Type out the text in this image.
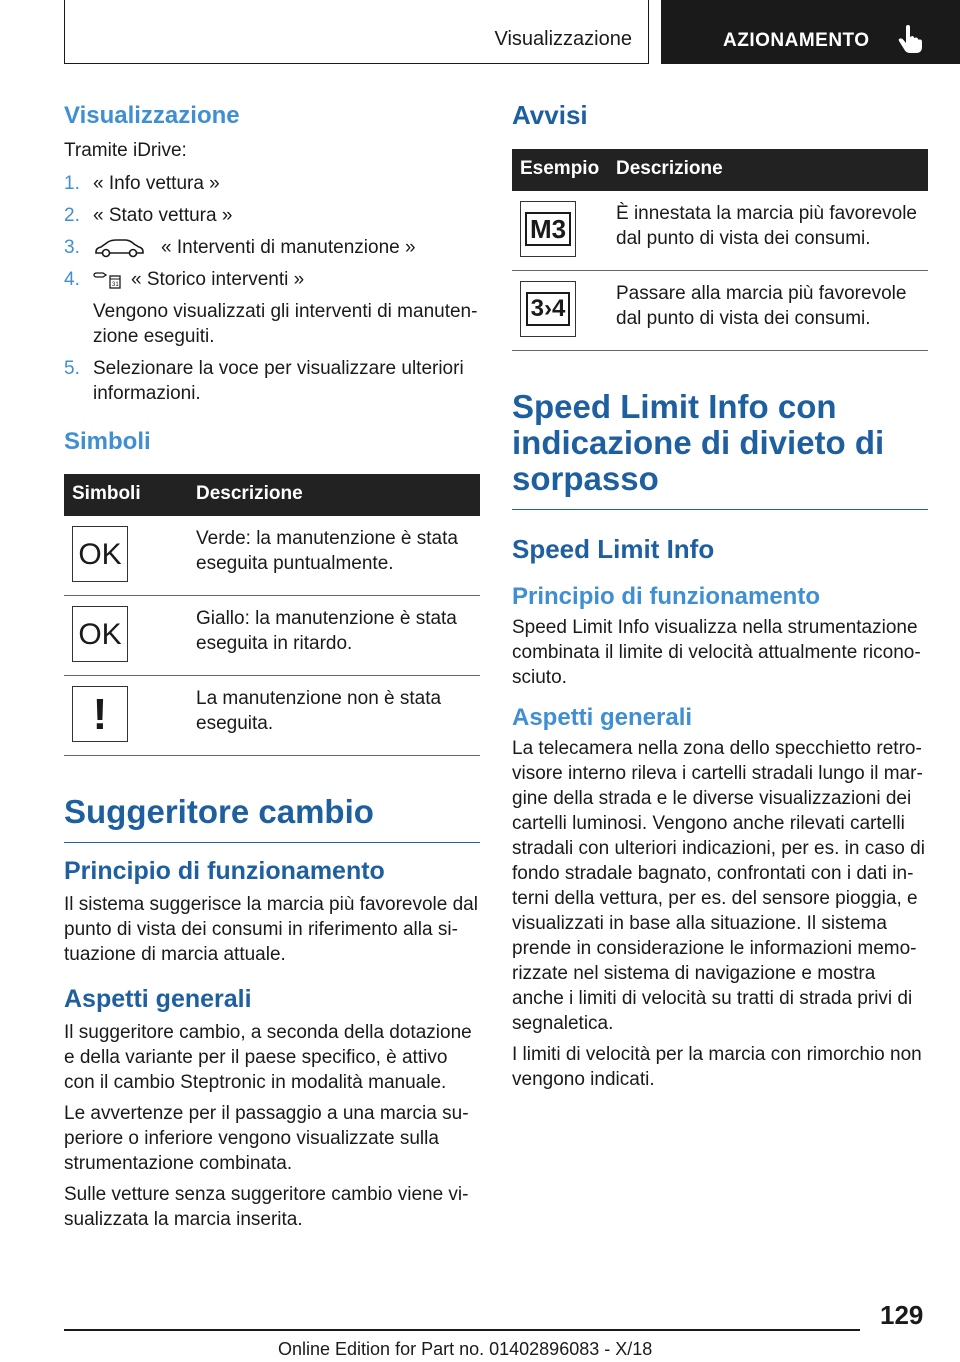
Visualizzazione	AZIONAMENTO
Visualizzazione

Tramite iDrive:

1. « Info vettura »
2. « Stato vettura »
3.	« Interventi di manutenzione »
4.	31 « Storico interventi »
Vengono visualizzati gli interventi di manutenzione eseguiti.
5. Selezionare la voce per visualizzare ulteriori informazioni.
Simboli
Simboli	Descrizione

OK	Verde: la manutenzione è stata eseguita puntualmente.

OK	Giallo: la manutenzione è stata eseguita in ritardo.

!	La manutenzione non è stata eseguita.
Suggeritore cambio
Principio di funzionamento

Il sistema suggerisce la marcia più favorevole dal punto di vista dei consumi in riferimento alla situazione di marcia attuale.

Aspetti generali

Il suggeritore cambio, a seconda della dotazione e della variante per il paese specifico, è attivo con il cambio Steptronic in modalità manuale.

Le avvertenze per il passaggio a una marcia superiore o inferiore vengono visualizzate sulla strumentazione combinata.

Sulle vetture senza suggeritore cambio viene visualizzata la marcia inserita.

Avvisi
Esempio	Descrizione

M3	È innestata la marcia più favorevole dal punto di vista dei consumi.

3›4	Passare alla marcia più favorevole dal punto di vista dei consumi.
Speed Limit Info con indicazione di divieto di sorpasso
Speed Limit Info
Principio di funzionamento

Speed Limit Info visualizza nella strumentazione combinata il limite di velocità attualmente riconosciuto.

Aspetti generali

La telecamera nella zona dello specchietto retrovisore interno rileva i cartelli stradali lungo il margine della strada e le diverse visualizzazioni dei cartelli luminosi. Vengono anche rilevati cartelli stradali con ulteriori indicazioni, per es. in caso di fondo stradale bagnato, confrontati con i dati interni della vettura, per es. del sensore pioggia, e visualizzati in base alla situazione. Il sistema prende in considerazione le informazioni memorizzate nel sistema di navigazione e mostra anche i limiti di velocità su tratti di strada privi di segnaletica.

I limiti di velocità per la marcia con rimorchio non vengono indicati.

129
Online Edition for Part no. 01402896083 - X/18
